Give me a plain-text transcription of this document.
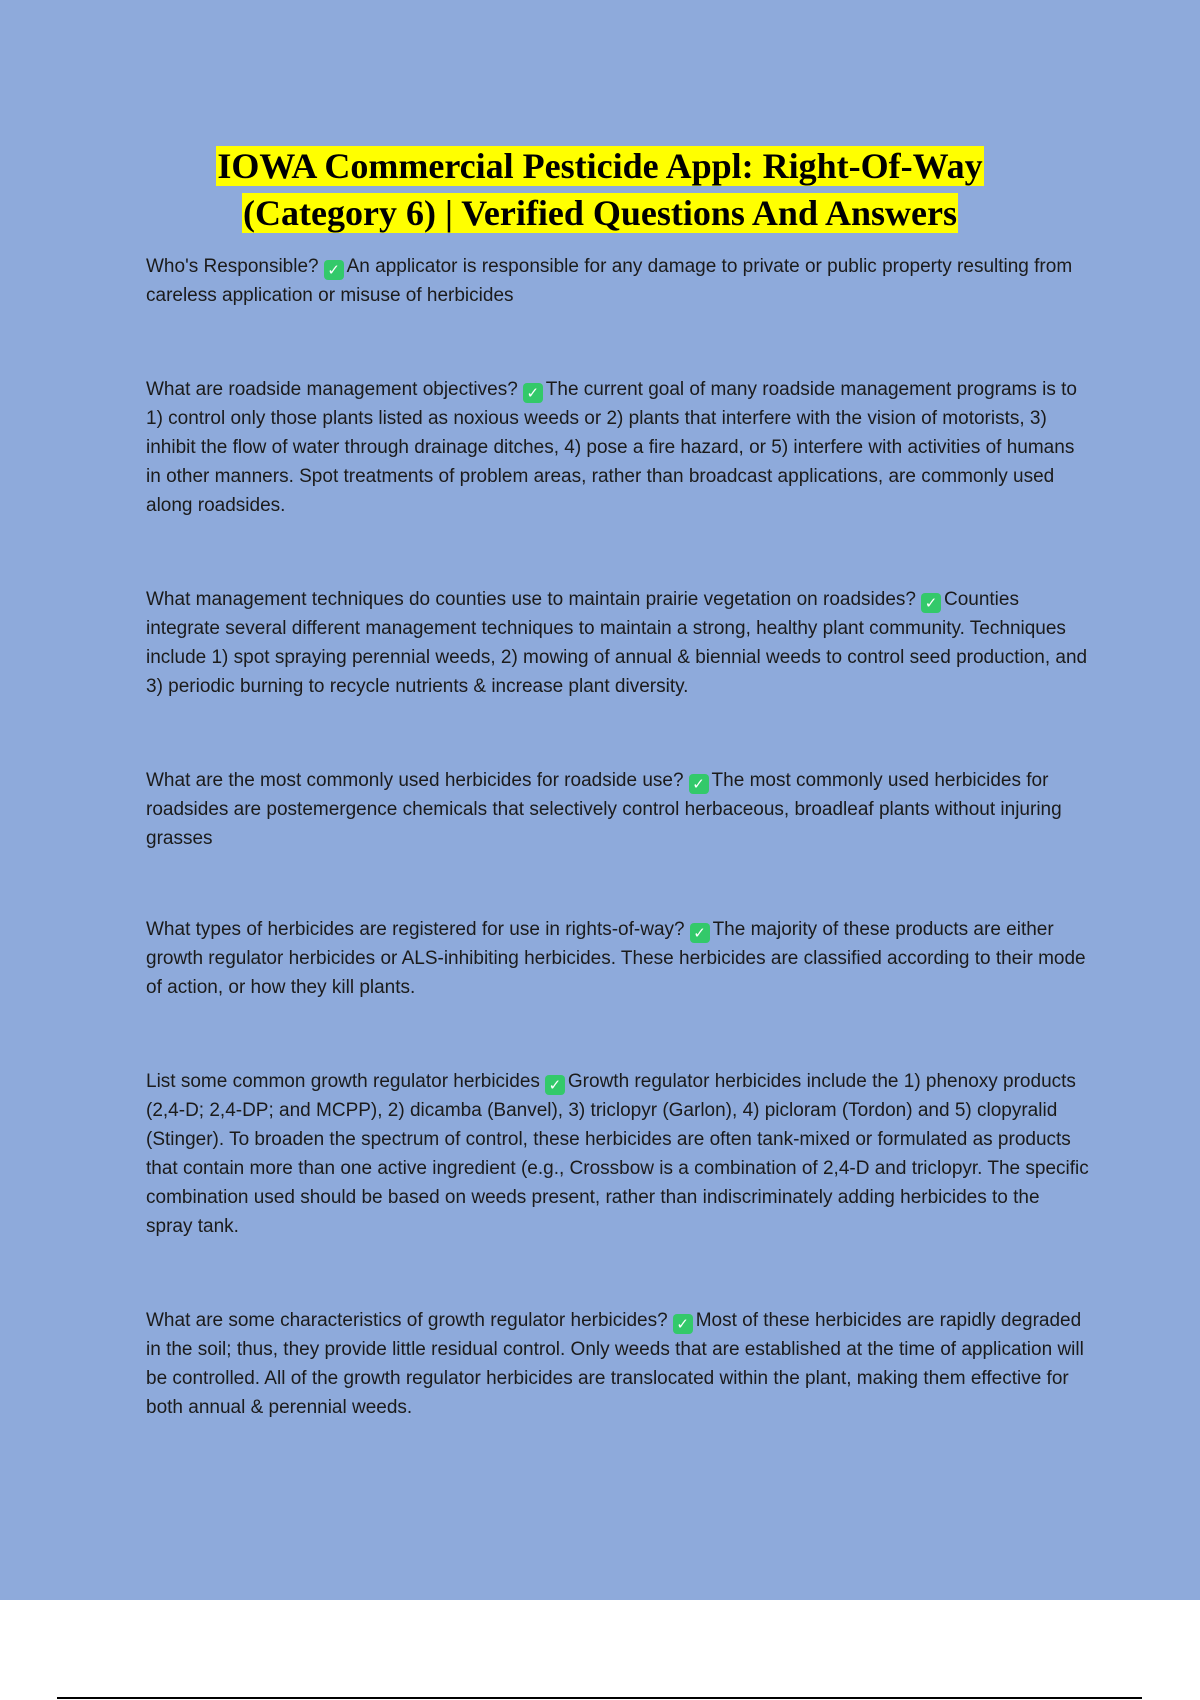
IOWA Commercial Pesticide Appl: Right-Of-Way (Category 6) | Verified Questions And Answers

Who's Responsible? ✓ An applicator is responsible for any damage to private or public property resulting from careless application or misuse of herbicides

What are roadside management objectives? ✓ The current goal of many roadside management programs is to 1) control only those plants listed as noxious weeds or 2) plants that interfere with the vision of motorists, 3) inhibit the flow of water through drainage ditches, 4) pose a fire hazard, or 5) interfere with activities of humans in other manners. Spot treatments of problem areas, rather than broadcast applications, are commonly used along roadsides.

What management techniques do counties use to maintain prairie vegetation on roadsides? ✓ Counties integrate several different management techniques to maintain a strong, healthy plant community. Techniques include 1) spot spraying perennial weeds, 2) mowing of annual & biennial weeds to control seed production, and 3) periodic burning to recycle nutrients & increase plant diversity.

What are the most commonly used herbicides for roadside use? ✓ The most commonly used herbicides for roadsides are postemergence chemicals that selectively control herbaceous, broadleaf plants without injuring grasses

What types of herbicides are registered for use in rights-of-way? ✓ The majority of these products are either growth regulator herbicides or ALS-inhibiting herbicides. These herbicides are classified according to their mode of action, or how they kill plants.

List some common growth regulator herbicides ✓ Growth regulator herbicides include the 1) phenoxy products (2,4-D; 2,4-DP; and MCPP), 2) dicamba (Banvel), 3) triclopyr (Garlon), 4) picloram (Tordon) and 5) clopyralid (Stinger). To broaden the spectrum of control, these herbicides are often tank-mixed or formulated as products that contain more than one active ingredient (e.g., Crossbow is a combination of 2,4-D and triclopyr. The specific combination used should be based on weeds present, rather than indiscriminately adding herbicides to the spray tank.

What are some characteristics of growth regulator herbicides? ✓ Most of these herbicides are rapidly degraded in the soil; thus, they provide little residual control. Only weeds that are established at the time of application will be controlled. All of the growth regulator herbicides are translocated within the plant, making them effective for both annual & perennial weeds.
